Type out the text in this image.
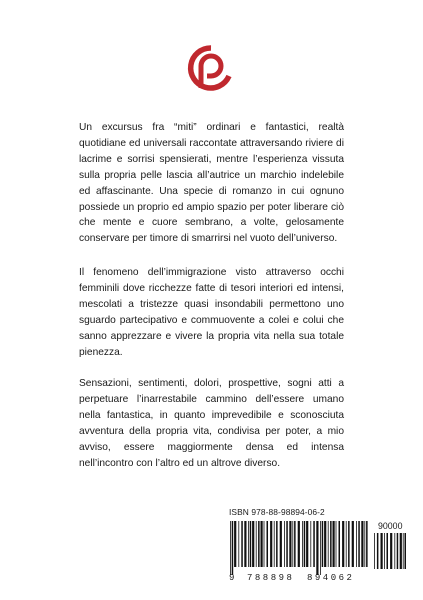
Un excursus fra “miti” ordinari e fantastici, realtà quotidiane ed universali raccontate attraversando riviere di lacrime e sorrisi spensierati, mentre l’esperienza vissuta sulla propria pelle lascia all’autrice un marchio indelebile ed affascinante. Una specie di romanzo in cui ognuno possiede un proprio ed ampio spazio per poter liberare ciò che mente e cuore sembrano, a volte, gelosamente conservare per timore di smarrirsi nel vuoto dell’universo.

Il fenomeno dell’immigrazione visto attraverso occhi femminili dove ricchezze fatte di tesori interiori ed intensi, mescolati a tristezze quasi insondabili permettono uno sguardo partecipativo e commuovente a colei e colui che sanno apprezzare e vivere la propria vita nella sua totale pienezza.

Sensazioni, sentimenti, dolori, prospettive, sogni atti a perpetuare l’inarrestabile cammino dell’essere umano nella fantastica, in quanto imprevedibile e sconosciuta avventura della propria vita, condivisa per poter, a mio avviso, essere maggiormente densa ed intensa nell’incontro con l’altro ed un altrove diverso.

ISBN 978-88-98894-06-2
90000
9 788898 894062
